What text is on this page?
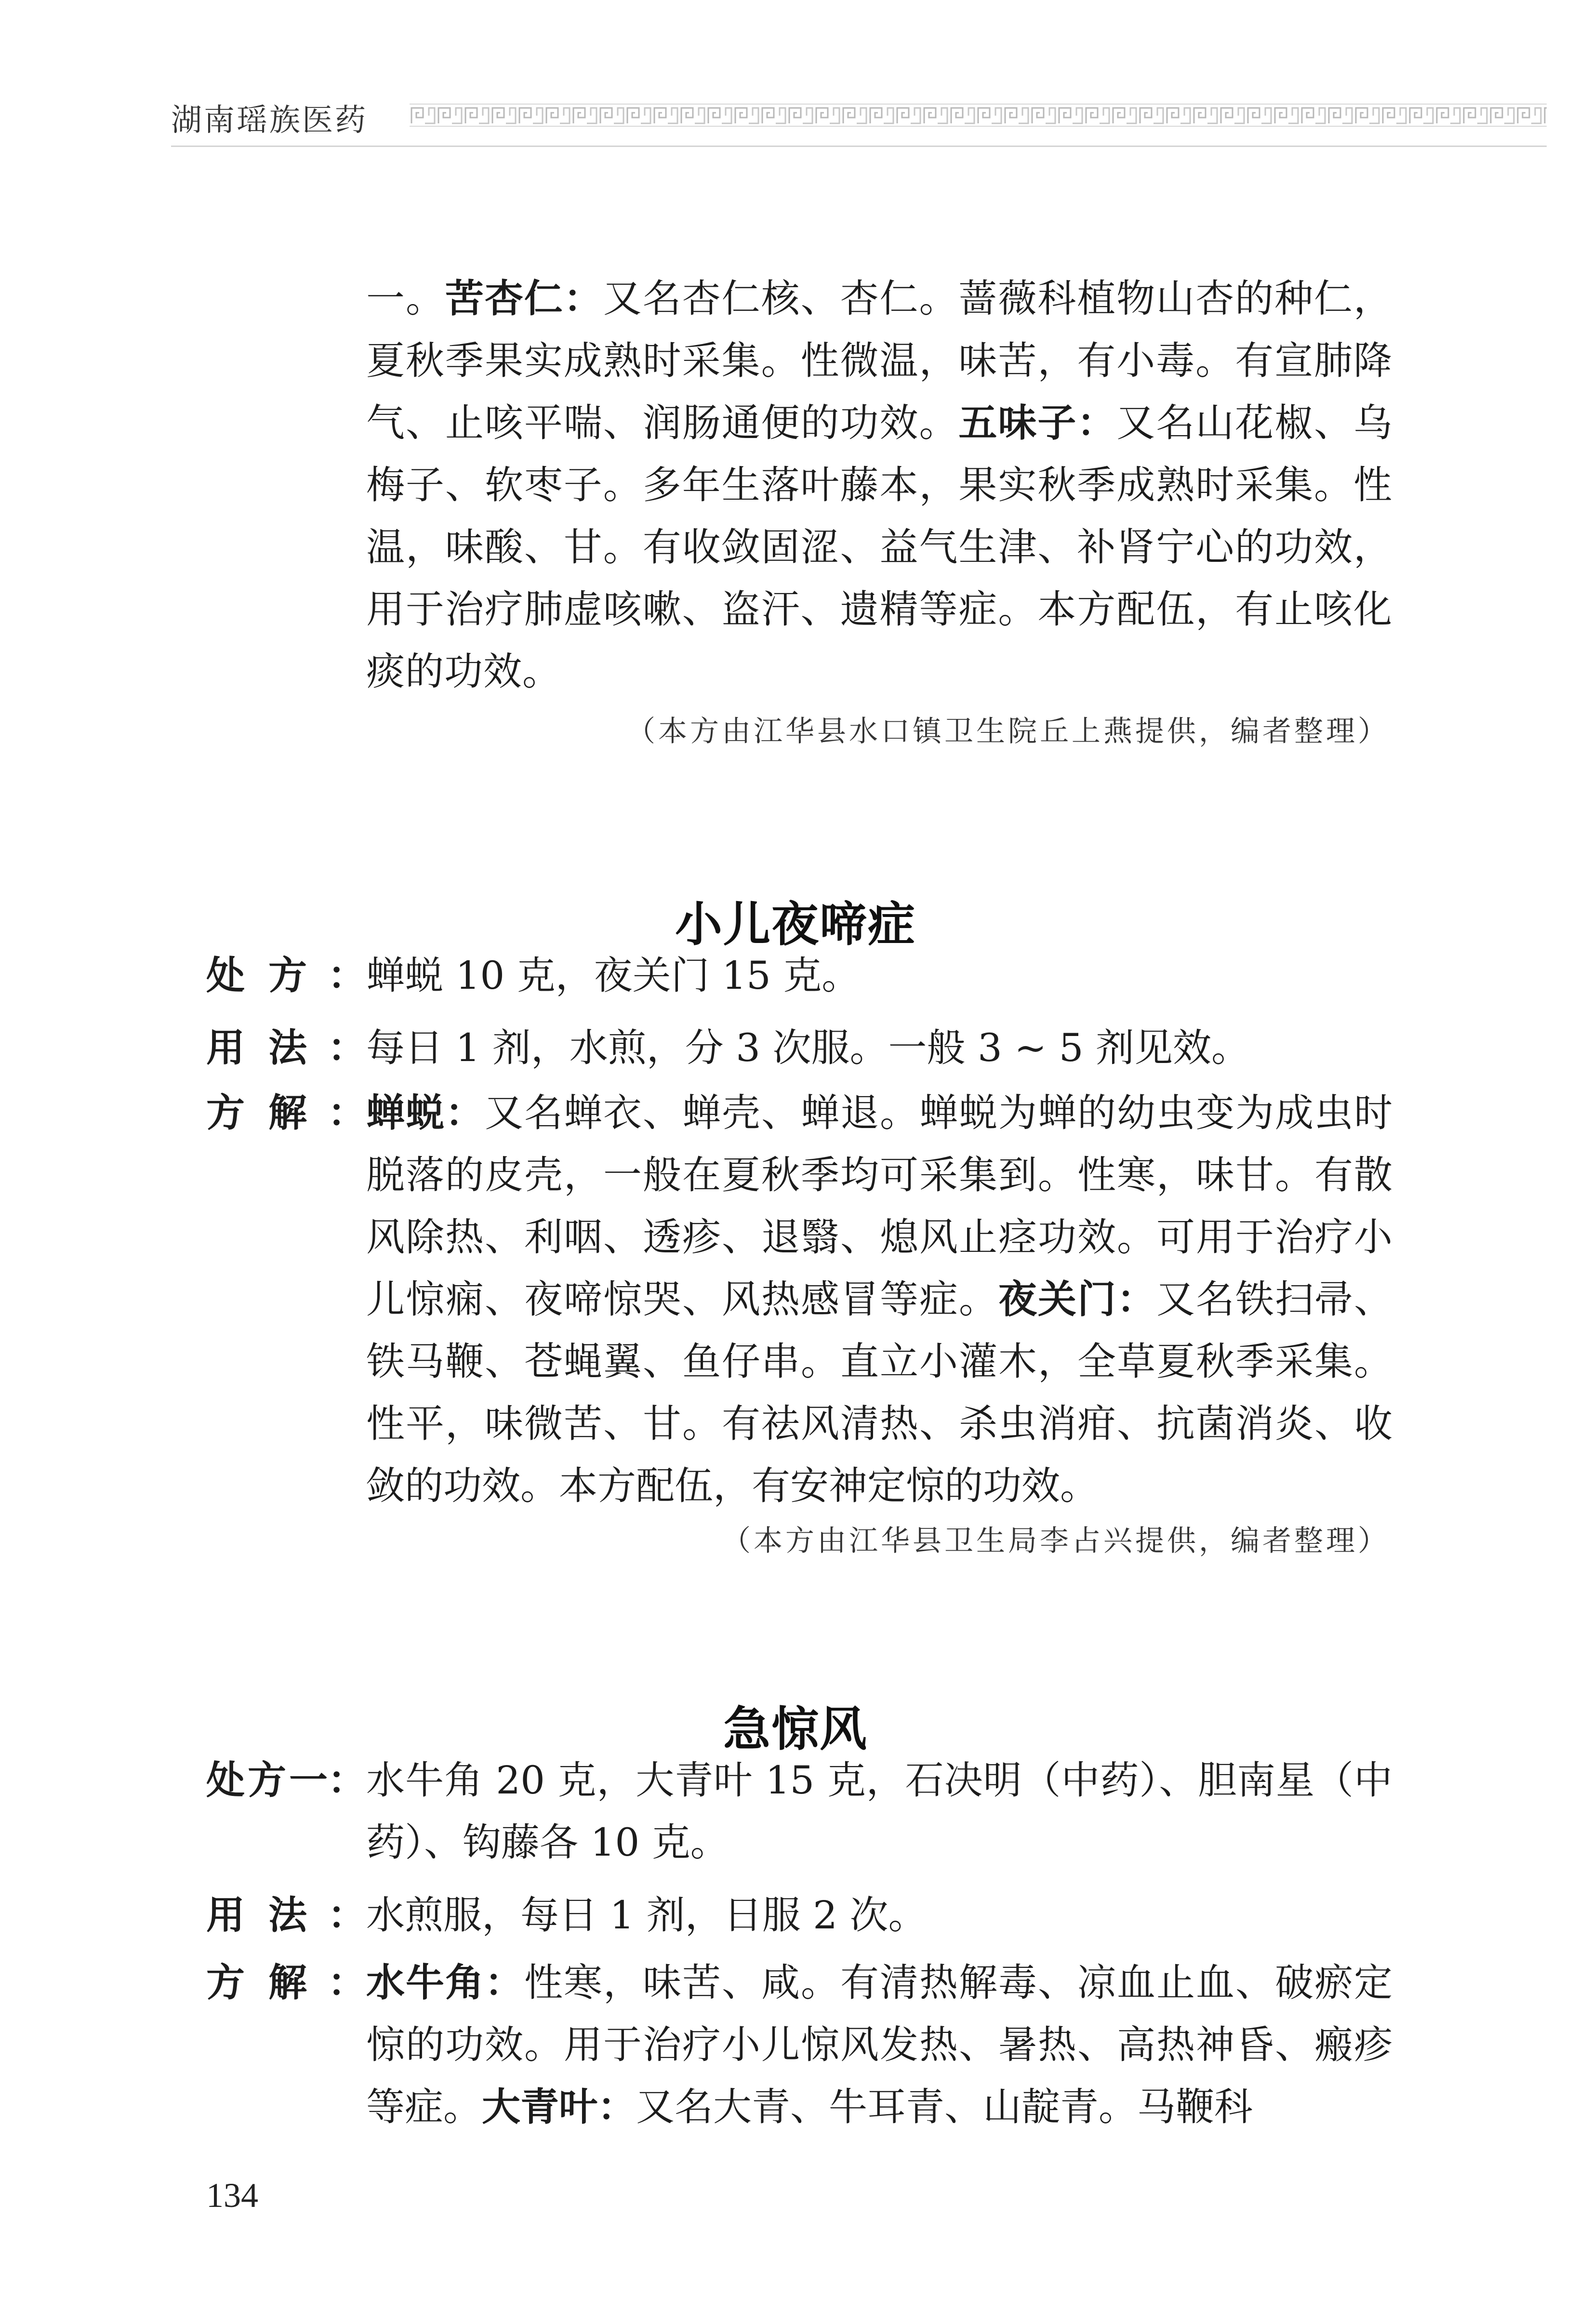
湖南瑶族医药

一。苦杏仁：又名杏仁核、杏仁。蔷薇科植物山杏的种仁，夏秋季果实成熟时采集。性微温，味苦，有小毒。有宣肺降气、止咳平喘、润肠通便的功效。五味子：又名山花椒、乌梅子、软枣子。多年生落叶藤本，果实秋季成熟时采集。性温，味酸、甘。有收敛固涩、益气生津、补肾宁心的功效，用于治疗肺虚咳嗽、盗汗、遗精等症。本方配伍，有止咳化痰的功效。

（本方由江华县水口镇卫生院丘上燕提供，编者整理）

小儿夜啼症
处 方 ： 蝉蜕 10 克，夜关门 15 克。

用 法 ： 每日 1 剂，水煎，分 3 次服。一般 3 ~ 5 剂见效。

方 解 ： 蝉蜕：又名蝉衣、蝉壳、蝉退。蝉蜕为蝉的幼虫变为成虫时脱落的皮壳，一般在夏秋季均可采集到。性寒，味甘。有散风除热、利咽、透疹、退翳、熄风止痉功效。可用于治疗小儿惊痫、夜啼惊哭、风热感冒等症。夜关门：又名铁扫帚、铁马鞭、苍蝇翼、鱼仔串。直立小灌木，全草夏秋季采集。性平，味微苦、甘。有祛风清热、杀虫消疳、抗菌消炎、收敛的功效。本方配伍，有安神定惊的功效。

（本方由江华县卫生局李占兴提供，编者整理）

急惊风
处 方 一 ： 水牛角 20 克，大青叶 15 克，石决明（中药）、胆南星（中药）、钩藤各 10 克。

用 法 ： 水煎服，每日 1 剂，日服 2 次。

方 解 ： 水牛角：性寒，味苦、咸。有清热解毒、凉血止血、破瘀定惊的功效。用于治疗小儿惊风发热、暑热、高热神昏、瘢疹等症。大青叶：又名大青、牛耳青、山靛青。马鞭科

134
